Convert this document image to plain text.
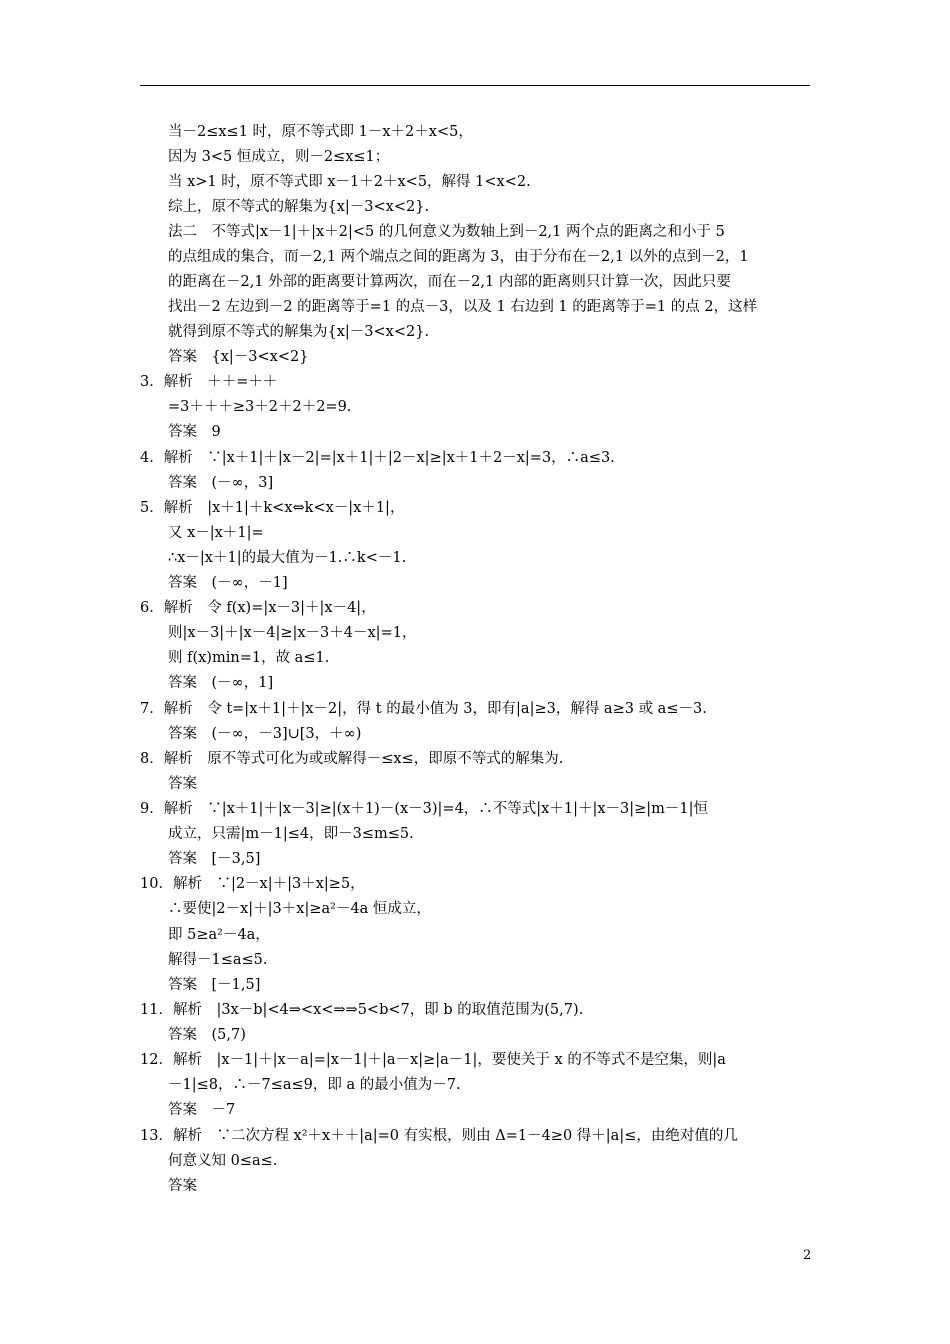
当－2≤x≤1 时，原不等式即 1－x＋2＋x<5，
因为 3<5 恒成立，则－2≤x≤1；
当 x>1 时，原不等式即 x－1＋2＋x<5，解得 1<x<2.
综上，原不等式的解集为{x|－3<x<2}.
法二　不等式|x－1|＋|x＋2|<5 的几何意义为数轴上到－2,1 两个点的距离之和小于 5
的点组成的集合，而－2,1 两个端点之间的距离为 3，由于分布在－2,1 以外的点到－2，1
的距离在－2,1 外部的距离要计算两次，而在－2,1 内部的距离则只计算一次，因此只要
找出－2 左边到－2 的距离等于=1 的点－3，以及 1 右边到 1 的距离等于=1 的点 2，这样
就得到原不等式的解集为{x|－3<x<2}.
答案　{x|－3<x<2}
3．解析　＋＋=＋＋
=3＋＋＋≥3＋2＋2＋2=9.
答案　9
4．解析　∵|x＋1|＋|x－2|=|x＋1|＋|2－x|≥|x＋1＋2－x|=3，∴a≤3.
答案　(－∞，3]
5．解析　|x＋1|＋k<x⇔k<x－|x＋1|，
又 x－|x＋1|=
∴x－|x＋1|的最大值为－1.∴k<－1.
答案　(－∞，－1]
6．解析　令 f(x)=|x－3|＋|x－4|，
则|x－3|＋|x－4|≥|x－3＋4－x|=1，
则 f(x)min=1，故 a≤1.
答案　(－∞，1]
7．解析　令 t=|x＋1|＋|x－2|，得 t 的最小值为 3，即有|a|≥3，解得 a≥3 或 a≤－3.
答案　(－∞，－3]∪[3，＋∞)
8．解析　原不等式可化为或或解得－≤x≤，即原不等式的解集为.
答案
9．解析　∵|x＋1|＋|x－3|≥|(x＋1)－(x－3)|=4，∴不等式|x＋1|＋|x－3|≥|m－1|恒
成立，只需|m－1|≤4，即－3≤m≤5.
答案　[－3,5]
10．解析　∵|2－x|＋|3＋x|≥5，
∴要使|2－x|＋|3＋x|≥a²－4a 恒成立，
即 5≥a²－4a，
解得－1≤a≤5.
答案　[－1,5]
11．解析　|3x－b|<4⇒<x<⇒⇒5<b<7，即 b 的取值范围为(5,7).
答案　(5,7)
12．解析　|x－1|＋|x－a|=|x－1|＋|a－x|≥|a－1|，要使关于 x 的不等式不是空集，则|a
－1|≤8，∴－7≤a≤9，即 a 的最小值为－7.
答案　－7
13．解析　∵二次方程 x²＋x＋＋|a|=0 有实根，则由 Δ=1－4≥0 得＋|a|≤，由绝对值的几
何意义知 0≤a≤.
答案
2
